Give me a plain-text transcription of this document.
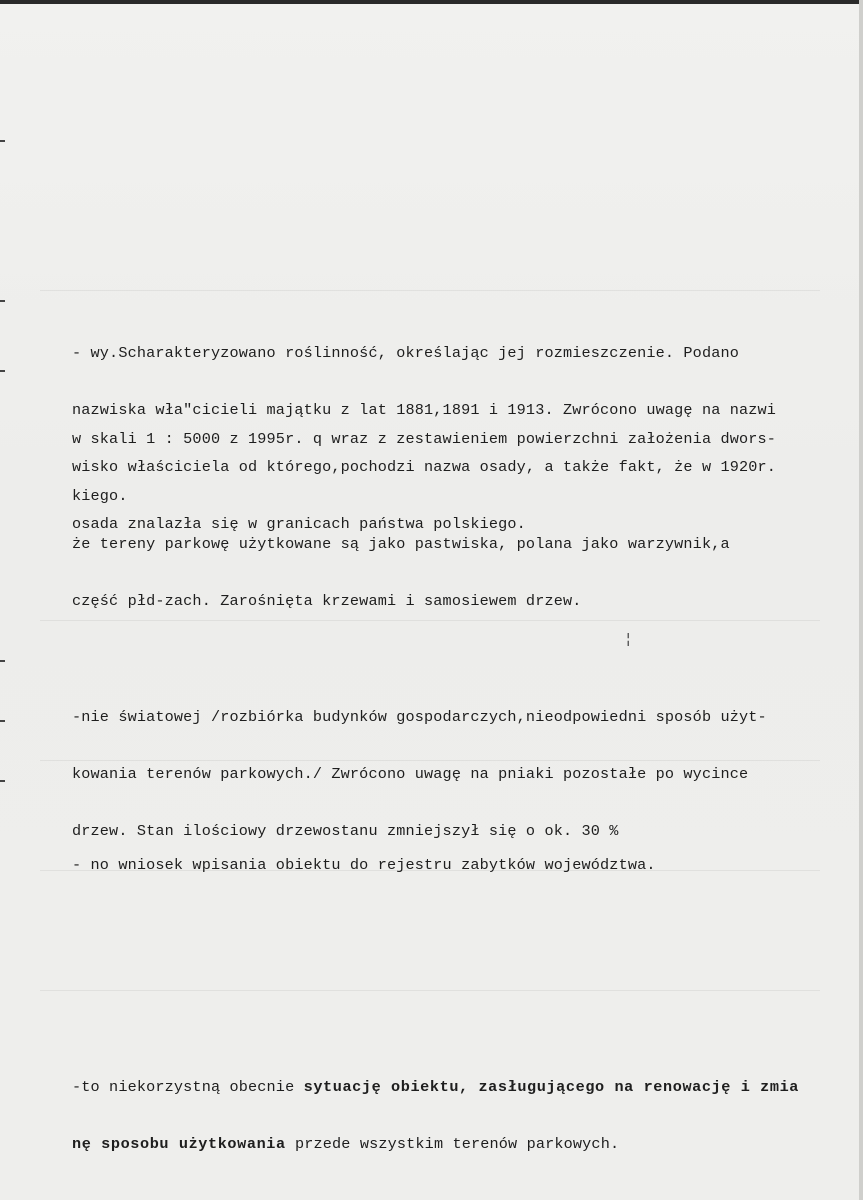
- wy.Scharakteryzowano roślinność, określając jej rozmieszczenie. Podano

nazwiska wła"cicieli majątku z lat 1881,1891 i 1913. Zwrócono uwagę na nazwi

wisko właściciela od którego,pochodzi nazwa osady, a także fakt, że w 1920r.

osada znalazła się w granicach państwa polskiego.

w skali 1 : 5000 z 1995r. q wraz z zestawieniem powierzchni założenia dwors-

kiego.

że tereny parkowę użytkowane są jako pastwiska, polana jako warzywnik,a

część płd-zach. Zarośnięta krzewami i samosiewem drzew.

¦

-nie światowej /rozbiórka budynków gospodarczych,nieodpowiedni sposób użyt-

kowania terenów parkowych./ Zwrócono uwagę na pniaki pozostałe po wycince

drzew. Stan ilościowy drzewostanu zmniejszył się o ok. 30 %

- no wniosek wpisania obiektu do rejestru zabytków województwa.

-to niekorzystną obecnie sytuację obiektu, zasługującego na renowację i zmia

nę sposobu użytkowania przede wszystkim terenów parkowych.
